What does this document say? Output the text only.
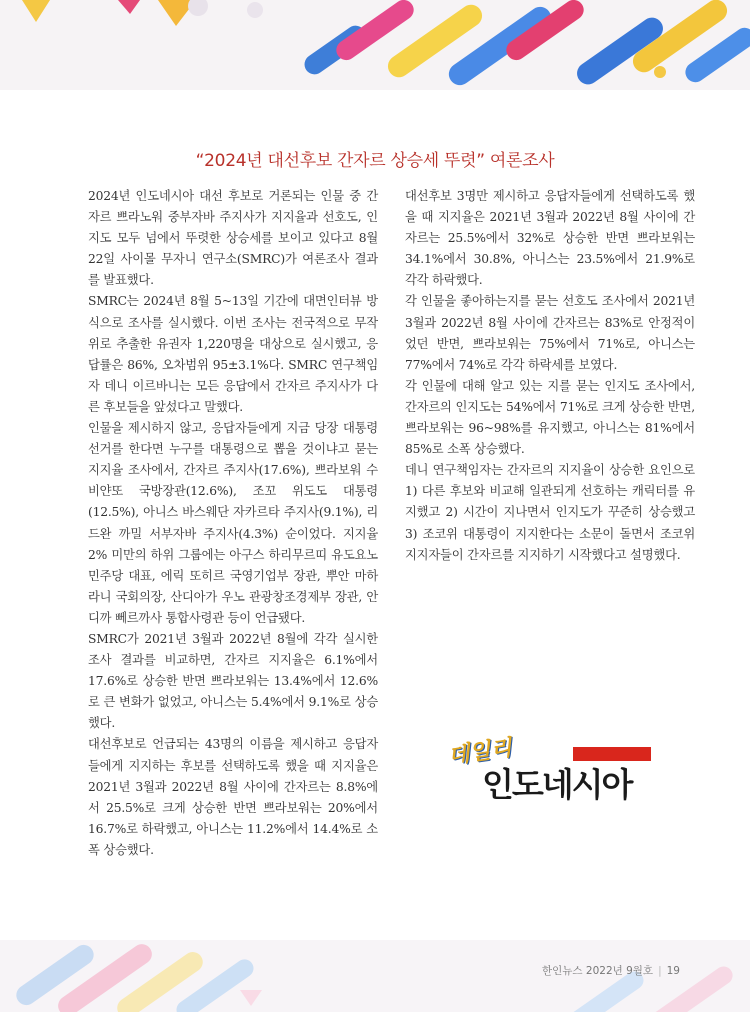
“2024년 대선후보 간자르 상승세 뚜렷” 여론조사

2024년 인도네시아 대선 후보로 거론되는 인물 중 간자르 쁘라노워 중부자바 주지사가 지지율과 선호도, 인지도 모두 넘에서 뚜렷한 상승세를 보이고 있다고 8월 22일 사이몰 무자니 연구소(SMRC)가 여론조사 결과를 발표했다.

SMRC는 2024년 8월 5~13일 기간에 대면인터뷰 방식으로 조사를 실시했다. 이번 조사는 전국적으로 무작위로 추출한 유권자 1,220명을 대상으로 실시했고, 응답률은 86%, 오차범위 95±3.1%다. SMRC 연구책임자 데니 이르바니는 모든 응답에서 간자르 주지사가 다른 후보들을 앞섰다고 말했다.

인물을 제시하지 않고, 응답자들에게 지금 당장 대통령선거를 한다면 누구를 대통령으로 뽑을 것이냐고 묻는 지지율 조사에서, 간자르 주지사(17.6%), 쁘라보워 수비얀또 국방장관(12.6%), 조꼬 위도도 대통령(12.5%), 아니스 바스웨단 자카르타 주지사(9.1%), 리드완 까밀 서부자바 주지사(4.3%) 순이었다. 지지율 2% 미만의 하위 그룹에는 아구스 하리무르띠 유도요노 민주당 대표, 에릭 또히르 국영기업부 장관, 뿌안 마하라니 국회의장, 산디아가 우노 관광창조경제부 장관, 안디까 뻬르까사 통합사령관 등이 언급됐다.

SMRC가 2021년 3월과 2022년 8월에 각각 실시한 조사 결과를 비교하면, 간자르 지지율은 6.1%에서 17.6%로 상승한 반면 쁘라보워는 13.4%에서 12.6%로 큰 변화가 없었고, 아니스는 5.4%에서 9.1%로 상승했다.

대선후보로 언급되는 43명의 이름을 제시하고 응답자들에게 지지하는 후보를 선택하도록 했을 때 지지율은 2021년 3월과 2022년 8월 사이에 간자르는 8.8%에서 25.5%로 크게 상승한 반면 쁘라보워는 20%에서 16.7%로 하락했고, 아니스는 11.2%에서 14.4%로 소폭 상승했다.

대선후보 3명만 제시하고 응답자들에게 선택하도록 했을 때 지지율은 2021년 3월과 2022년 8월 사이에 간자르는 25.5%에서 32%로 상승한 반면 쁘라보워는 34.1%에서 30.8%, 아니스는 23.5%에서 21.9%로 각각 하락했다.

각 인물을 좋아하는지를 묻는 선호도 조사에서 2021년 3월과 2022년 8월 사이에 간자르는 83%로 안정적이었던 반면, 쁘라보워는 75%에서 71%로, 아니스는 77%에서 74%로 각각 하락세를 보였다.

각 인물에 대해 알고 있는 지를 묻는 인지도 조사에서, 간자르의 인지도는 54%에서 71%로 크게 상승한 반면, 쁘라보워는 96~98%를 유지했고, 아니스는 81%에서 85%로 소폭 상승했다.

데니 연구책임자는 간자르의 지지율이 상승한 요인으로 1) 다른 후보와 비교해 일관되게 선호하는 캐릭터를 유지했고 2) 시간이 지나면서 인지도가 꾸준히 상승했고 3) 조코위 대통령이 지지한다는 소문이 돌면서 조코위 지지자들이 간자르를 지지하기 시작했다고 설명했다.

데일리
인도네시아
한인뉴스 2022년 9월호 | 19
